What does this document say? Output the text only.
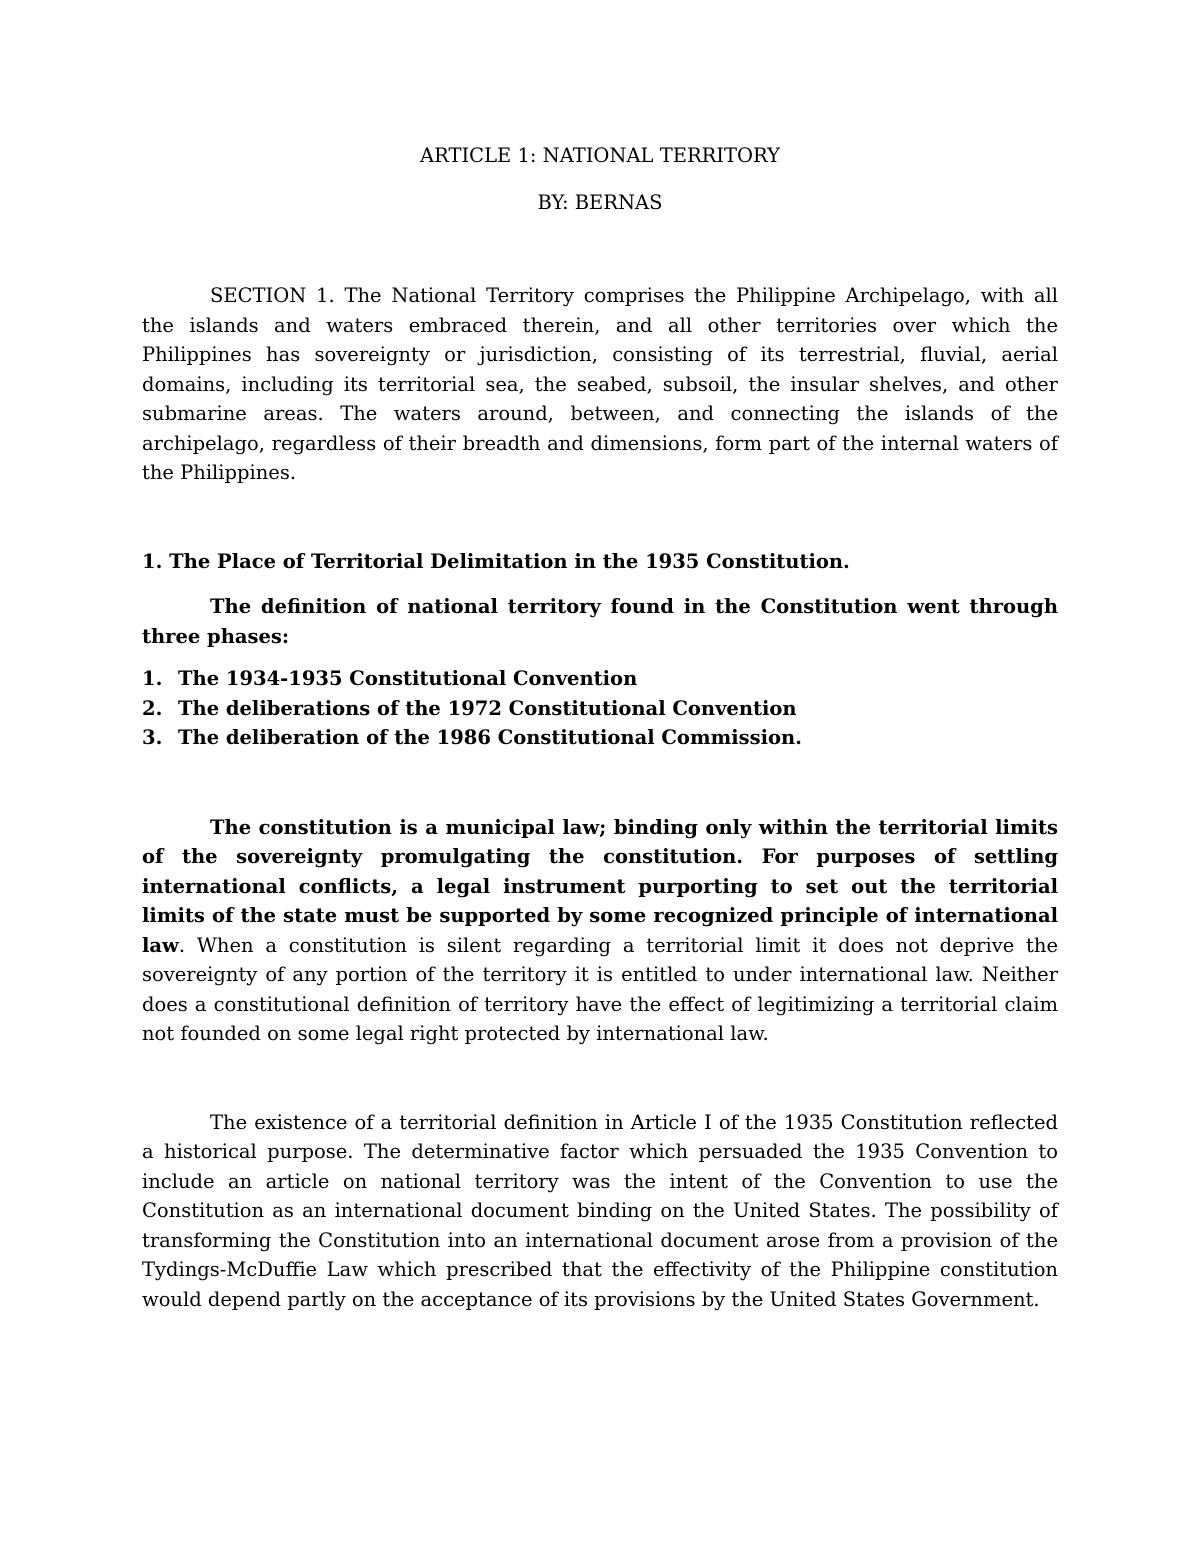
ARTICLE 1: NATIONAL TERRITORY

BY: BERNAS

SECTION 1. The National Territory comprises the Philippine Archipelago, with all the islands and waters embraced therein, and all other territories over which the Philippines has sovereignty or jurisdiction, consisting of its terrestrial, fluvial, aerial domains, including its territorial sea, the seabed, subsoil, the insular shelves, and other submarine areas. The waters around, between, and connecting the islands of the archipelago, regardless of their breadth and dimensions, form part of the internal waters of the Philippines.

1. The Place of Territorial Delimitation in the 1935 Constitution.

The definition of national territory found in the Constitution went through three phases:

1. The 1934-1935 Constitutional Convention
2. The deliberations of the 1972 Constitutional Convention
3. The deliberation of the 1986 Constitutional Commission.

The constitution is a municipal law; binding only within the territorial limits of the sovereignty promulgating the constitution. For purposes of settling international conflicts, a legal instrument purporting to set out the territorial limits of the state must be supported by some recognized principle of international law. When a constitution is silent regarding a territorial limit it does not deprive the sovereignty of any portion of the territory it is entitled to under international law. Neither does a constitutional definition of territory have the effect of legitimizing a territorial claim not founded on some legal right protected by international law.

The existence of a territorial definition in Article I of the 1935 Constitution reflected a historical purpose. The determinative factor which persuaded the 1935 Convention to include an article on national territory was the intent of the Convention to use the Constitution as an international document binding on the United States. The possibility of transforming the Constitution into an international document arose from a provision of the Tydings-McDuffie Law which prescribed that the effectivity of the Philippine constitution would depend partly on the acceptance of its provisions by the United States Government.
